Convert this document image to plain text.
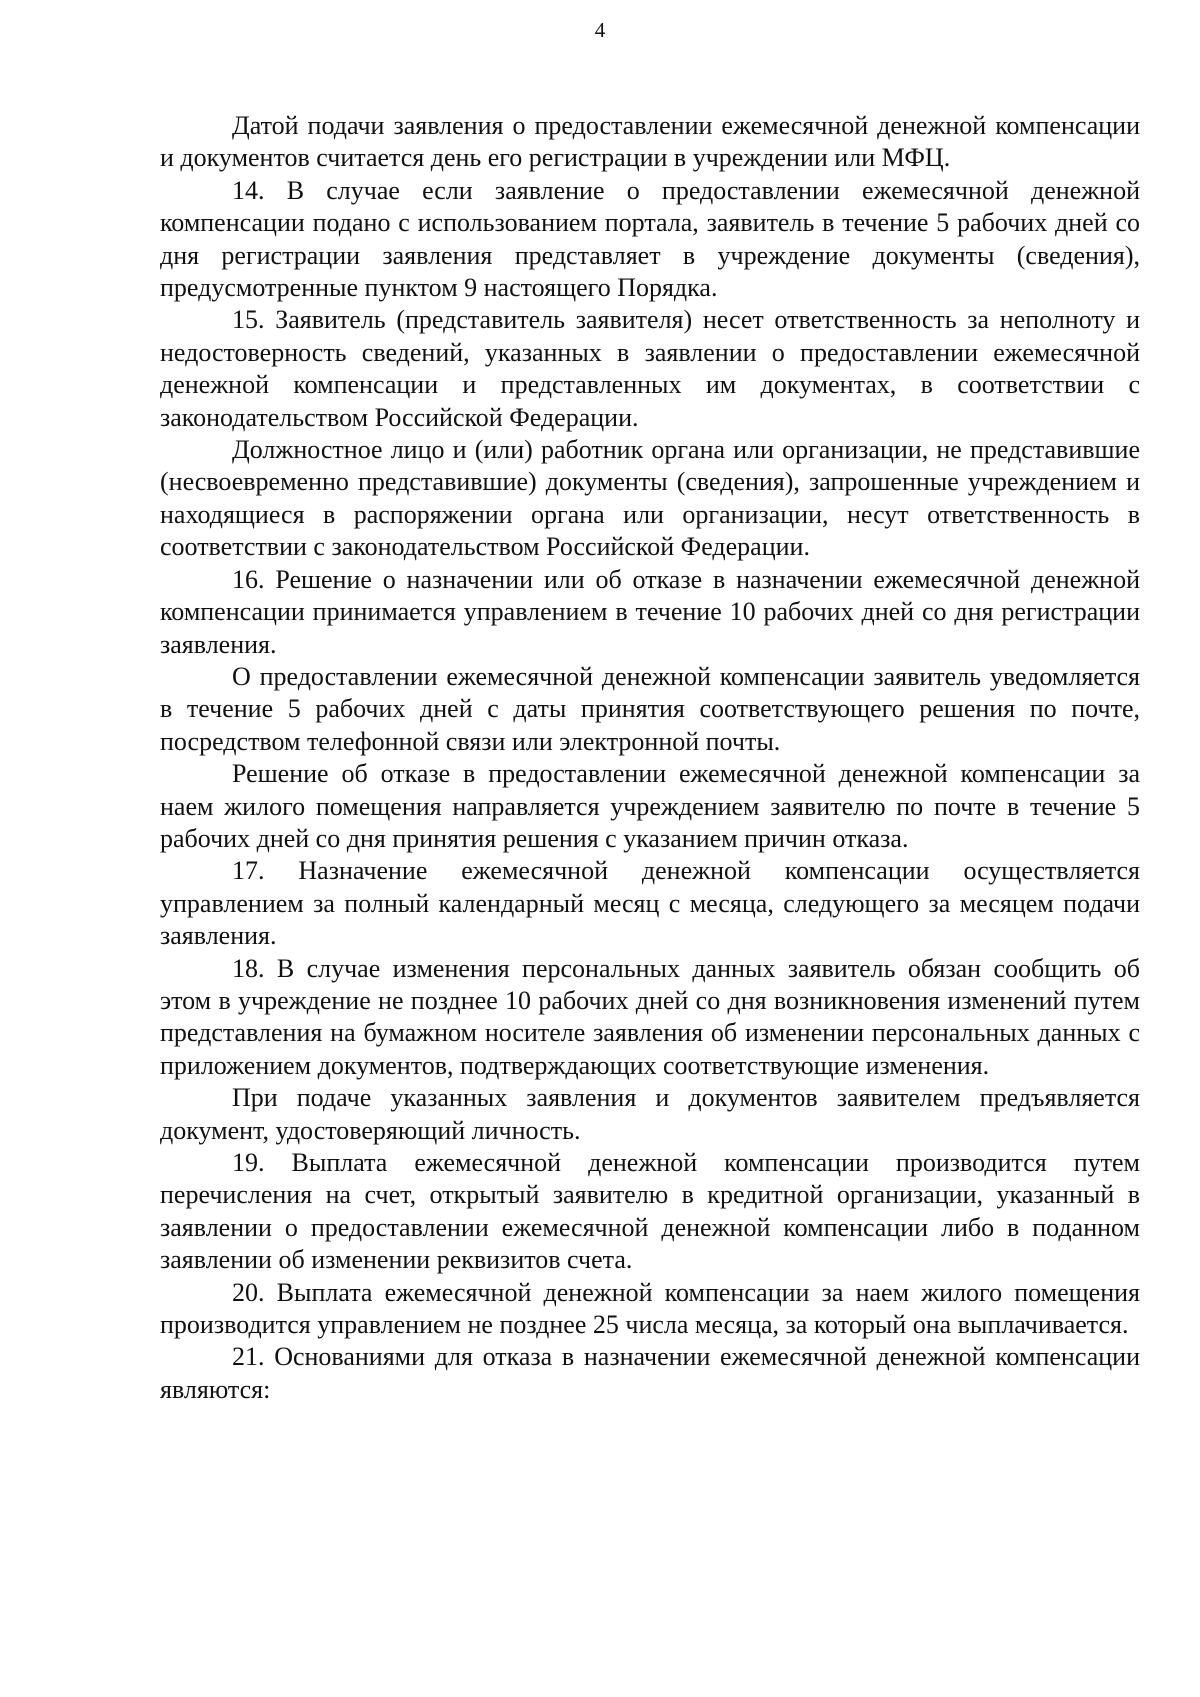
4

Датой подачи заявления о предоставлении ежемесячной денежной компенсации и документов считается день его регистрации в учреждении или МФЦ.

14. В случае если заявление о предоставлении ежемесячной денежной компенсации подано с использованием портала, заявитель в течение 5 рабочих дней со дня регистрации заявления представляет в учреждение документы (сведения), предусмотренные пунктом 9 настоящего Порядка.

15. Заявитель (представитель заявителя) несет ответственность за неполноту и недостоверность сведений, указанных в заявлении о предоставлении ежемесячной денежной компенсации и представленных им документах, в соответствии с законодательством Российской Федерации.

Должностное лицо и (или) работник органа или организации, не представившие (несвоевременно представившие) документы (сведения), запрошенные учреждением и находящиеся в распоряжении органа или организации, несут ответственность в соответствии с законодательством Российской Федерации.

16. Решение о назначении или об отказе в назначении ежемесячной денежной компенсации принимается управлением в течение 10 рабочих дней со дня регистрации заявления.

О предоставлении ежемесячной денежной компенсации заявитель уведомляется в течение 5 рабочих дней с даты принятия соответствующего решения по почте, посредством телефонной связи или электронной почты.

Решение об отказе в предоставлении ежемесячной денежной компенсации за наем жилого помещения направляется учреждением заявителю по почте в течение 5 рабочих дней со дня принятия решения с указанием причин отказа.

17. Назначение ежемесячной денежной компенсации осуществляется управлением за полный календарный месяц с месяца, следующего за месяцем подачи заявления.

18. В случае изменения персональных данных заявитель обязан сообщить об этом в учреждение не позднее 10 рабочих дней со дня возникновения изменений путем представления на бумажном носителе заявления об изменении персональных данных с приложением документов, подтверждающих соответствующие изменения.

При подаче указанных заявления и документов заявителем предъявляется документ, удостоверяющий личность.

19. Выплата ежемесячной денежной компенсации производится путем перечисления на счет, открытый заявителю в кредитной организации, указанный в заявлении о предоставлении ежемесячной денежной компенсации либо в поданном заявлении об изменении реквизитов счета.

20. Выплата ежемесячной денежной компенсации за наем жилого помещения производится управлением не позднее 25 числа месяца, за который она выплачивается.

21. Основаниями для отказа в назначении ежемесячной денежной компенсации являются:
